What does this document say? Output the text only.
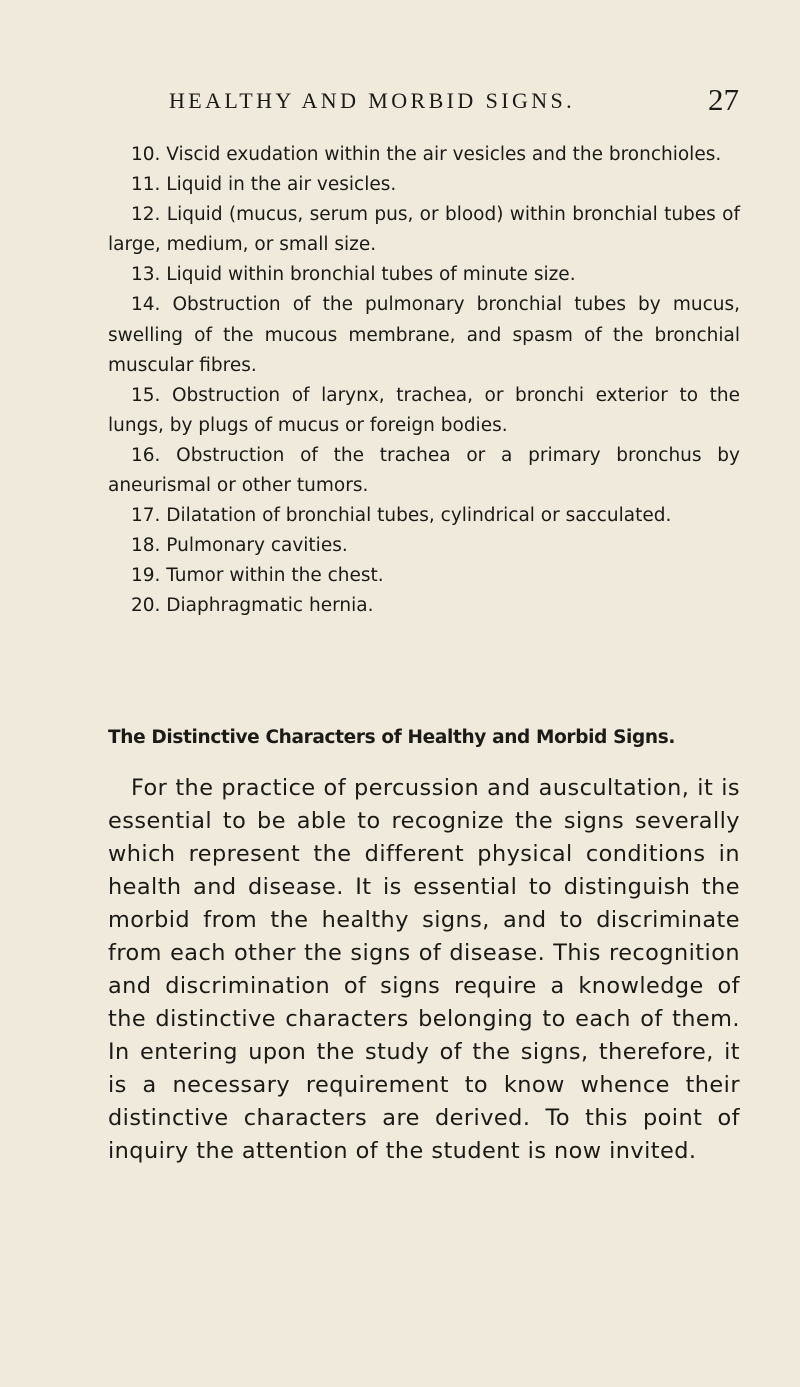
HEALTHY AND MORBID SIGNS.	27

10. Viscid exudation within the air vesicles and the bronchioles.

11. Liquid in the air vesicles.

12. Liquid (mucus, serum pus, or blood) within bronchial tubes of large, medium, or small size.

13. Liquid within bronchial tubes of minute size.

14. Obstruction of the pulmonary bronchial tubes by mucus, swelling of the mucous membrane, and spasm of the bronchial muscular fibres.

15. Obstruction of larynx, trachea, or bronchi exterior to the lungs, by plugs of mucus or foreign bodies.

16. Obstruction of the trachea or a primary bronchus by aneurismal or other tumors.

17. Dilatation of bronchial tubes, cylindrical or sacculated.

18. Pulmonary cavities.

19. Tumor within the chest.

20. Diaphragmatic hernia.

The Distinctive Characters of Healthy and Morbid Signs.

For the practice of percussion and auscultation, it is essential to be able to recognize the signs severally which represent the different physical conditions in health and disease. It is essential to distinguish the morbid from the healthy signs, and to discriminate from each other the signs of disease. This recognition and discrimination of signs require a knowledge of the distinctive characters belonging to each of them. In entering upon the study of the signs, therefore, it is a necessary requirement to know whence their distinctive characters are derived. To this point of inquiry the attention of the student is now invited.
